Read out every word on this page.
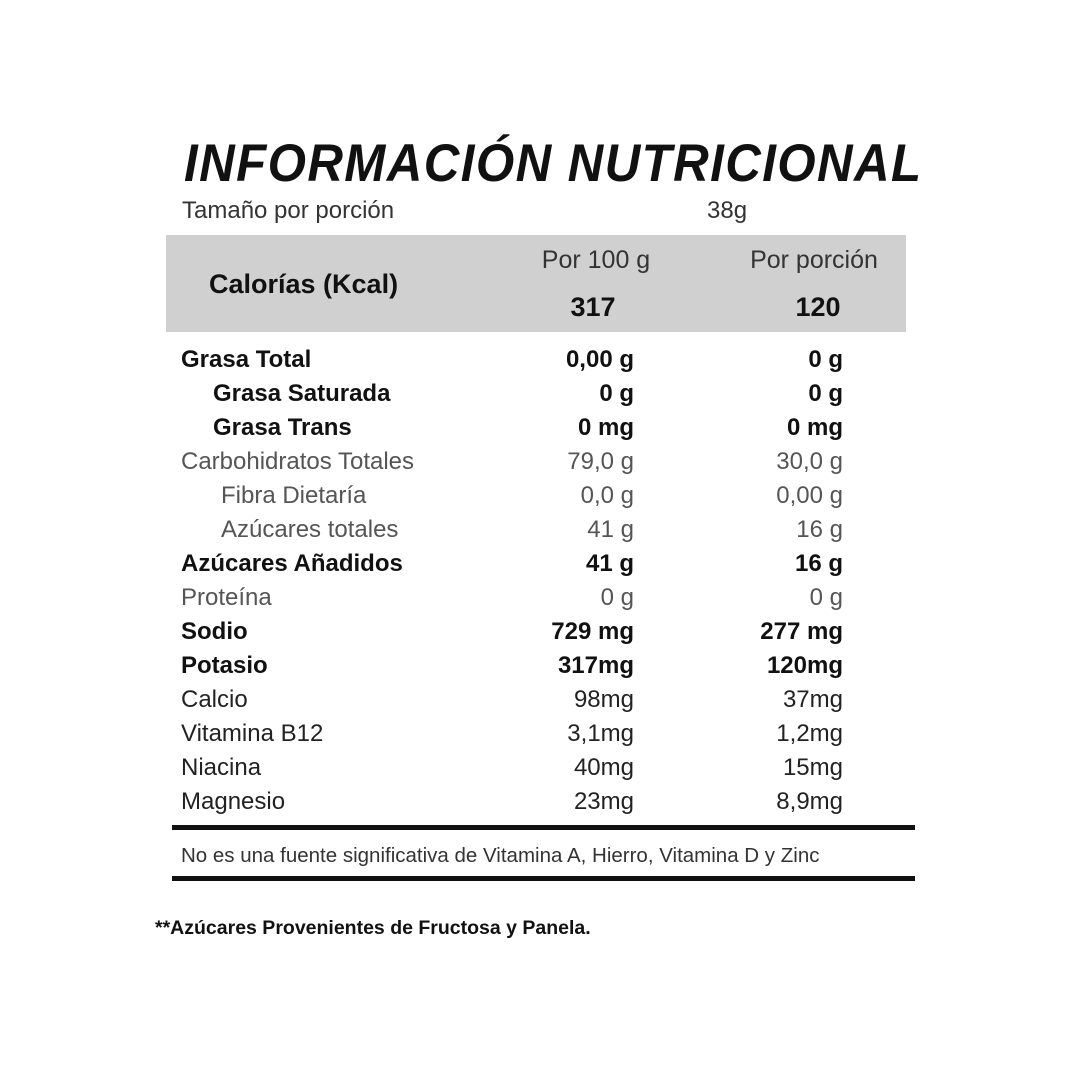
INFORMACIÓN NUTRICIONAL
Tamaño por porción	38g
Calorías (Kcal)
Por 100 g	Por porción
317	120
Grasa Total	0,00 g	0 g
Grasa Saturada	0 g	0 g
Grasa Trans	0 mg	0 mg
Carbohidratos Totales	79,0 g	30,0 g
Fibra Dietaría	0,0 g	0,00 g
Azúcares totales	41 g	16 g
Azúcares Añadidos	41 g	16 g
Proteína	0 g	0 g
Sodio	729 mg	277 mg
Potasio	317mg	120mg
Calcio	98mg	37mg
Vitamina B12	3,1mg	1,2mg
Niacina	40mg	15mg
Magnesio	23mg	8,9mg
No es una fuente significativa de Vitamina A, Hierro, Vitamina D y Zinc
**Azúcares Provenientes de Fructosa y Panela.
